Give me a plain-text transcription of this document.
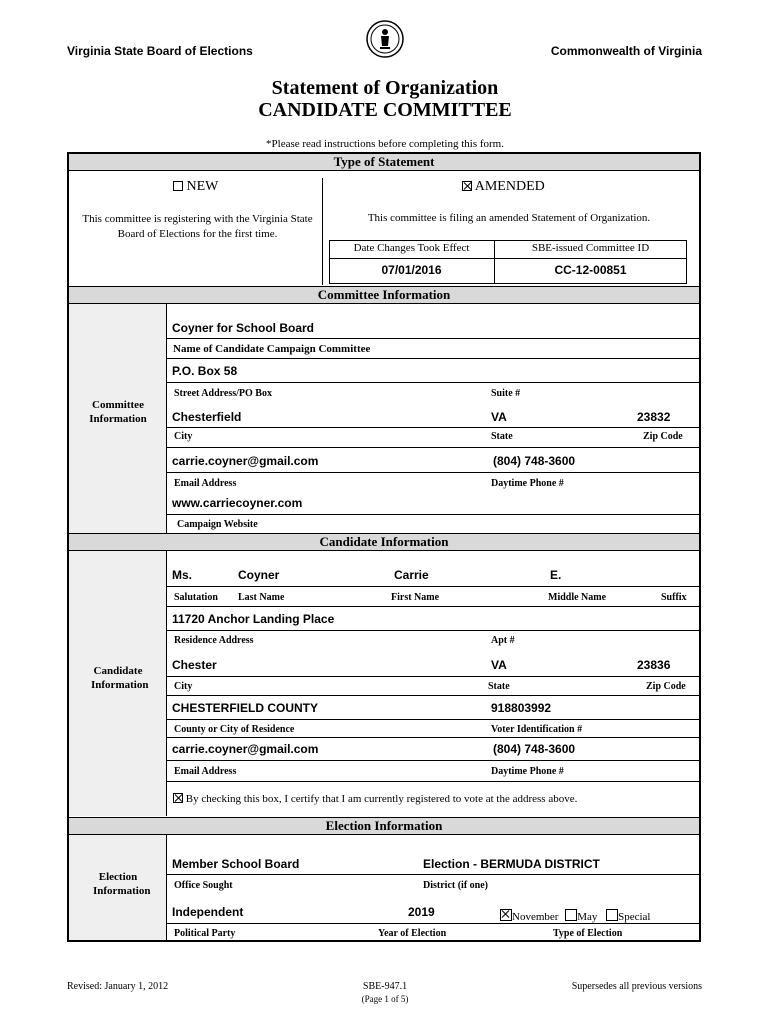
Virginia State Board of Elections	Commonwealth of Virginia
Statement of Organization
CANDIDATE COMMITTEE
*Please read instructions before completing this form.
Type of Statement
NEW
This committee is registering with the Virginia State Board of Elections for the first time.
AMENDED
This committee is filing an amended Statement of Organization.
Date Changes Took Effect	SBE-issued Committee ID
07/01/2016	CC-12-00851
Committee Information
Committee Information
Coyner for School Board
Name of Candidate Campaign Committee
P.O. Box 58
Street Address/PO Box	Suite #
Chesterfield	VA	23832
City	State	Zip Code
carrie.coyner@gmail.com	(804) 748-3600
Email Address	Daytime Phone #
www.carriecoyner.com
Campaign Website
Candidate Information
Candidate Information
Ms.	Coyner	Carrie	E.
Salutation Last Name	First Name	Middle Name	Suffix
11720 Anchor Landing Place
Residence Address	Apt #
Chester	VA	23836
City	State	Zip Code
CHESTERFIELD COUNTY	918803992
County or City of Residence	Voter Identification #
carrie.coyner@gmail.com	(804) 748-3600
Email Address	Daytime Phone #
By checking this box, I certify that I am currently registered to vote at the address above.
Election Information
Election Information
Member School Board	Election - BERMUDA DISTRICT
Office Sought	District (if one)
Independent	2019	November May Special
Political Party	Year of Election	Type of Election
Revised: January 1, 2012	SBE-947.1
(Page 1 of 5)
Supersedes all previous versions
